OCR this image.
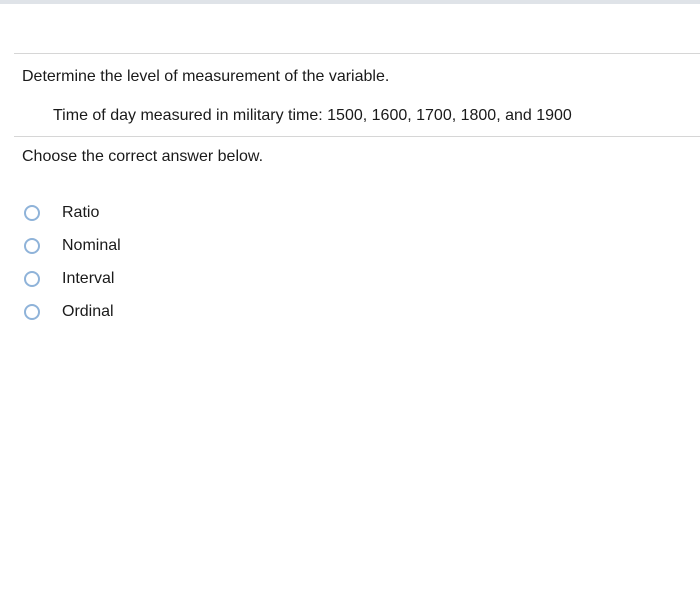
Determine the level of measurement of the variable.
Time of day measured in military time: 1500, 1600, 1700, 1800, and 1900
Choose the correct answer below.
Ratio
Nominal
Interval
Ordinal
